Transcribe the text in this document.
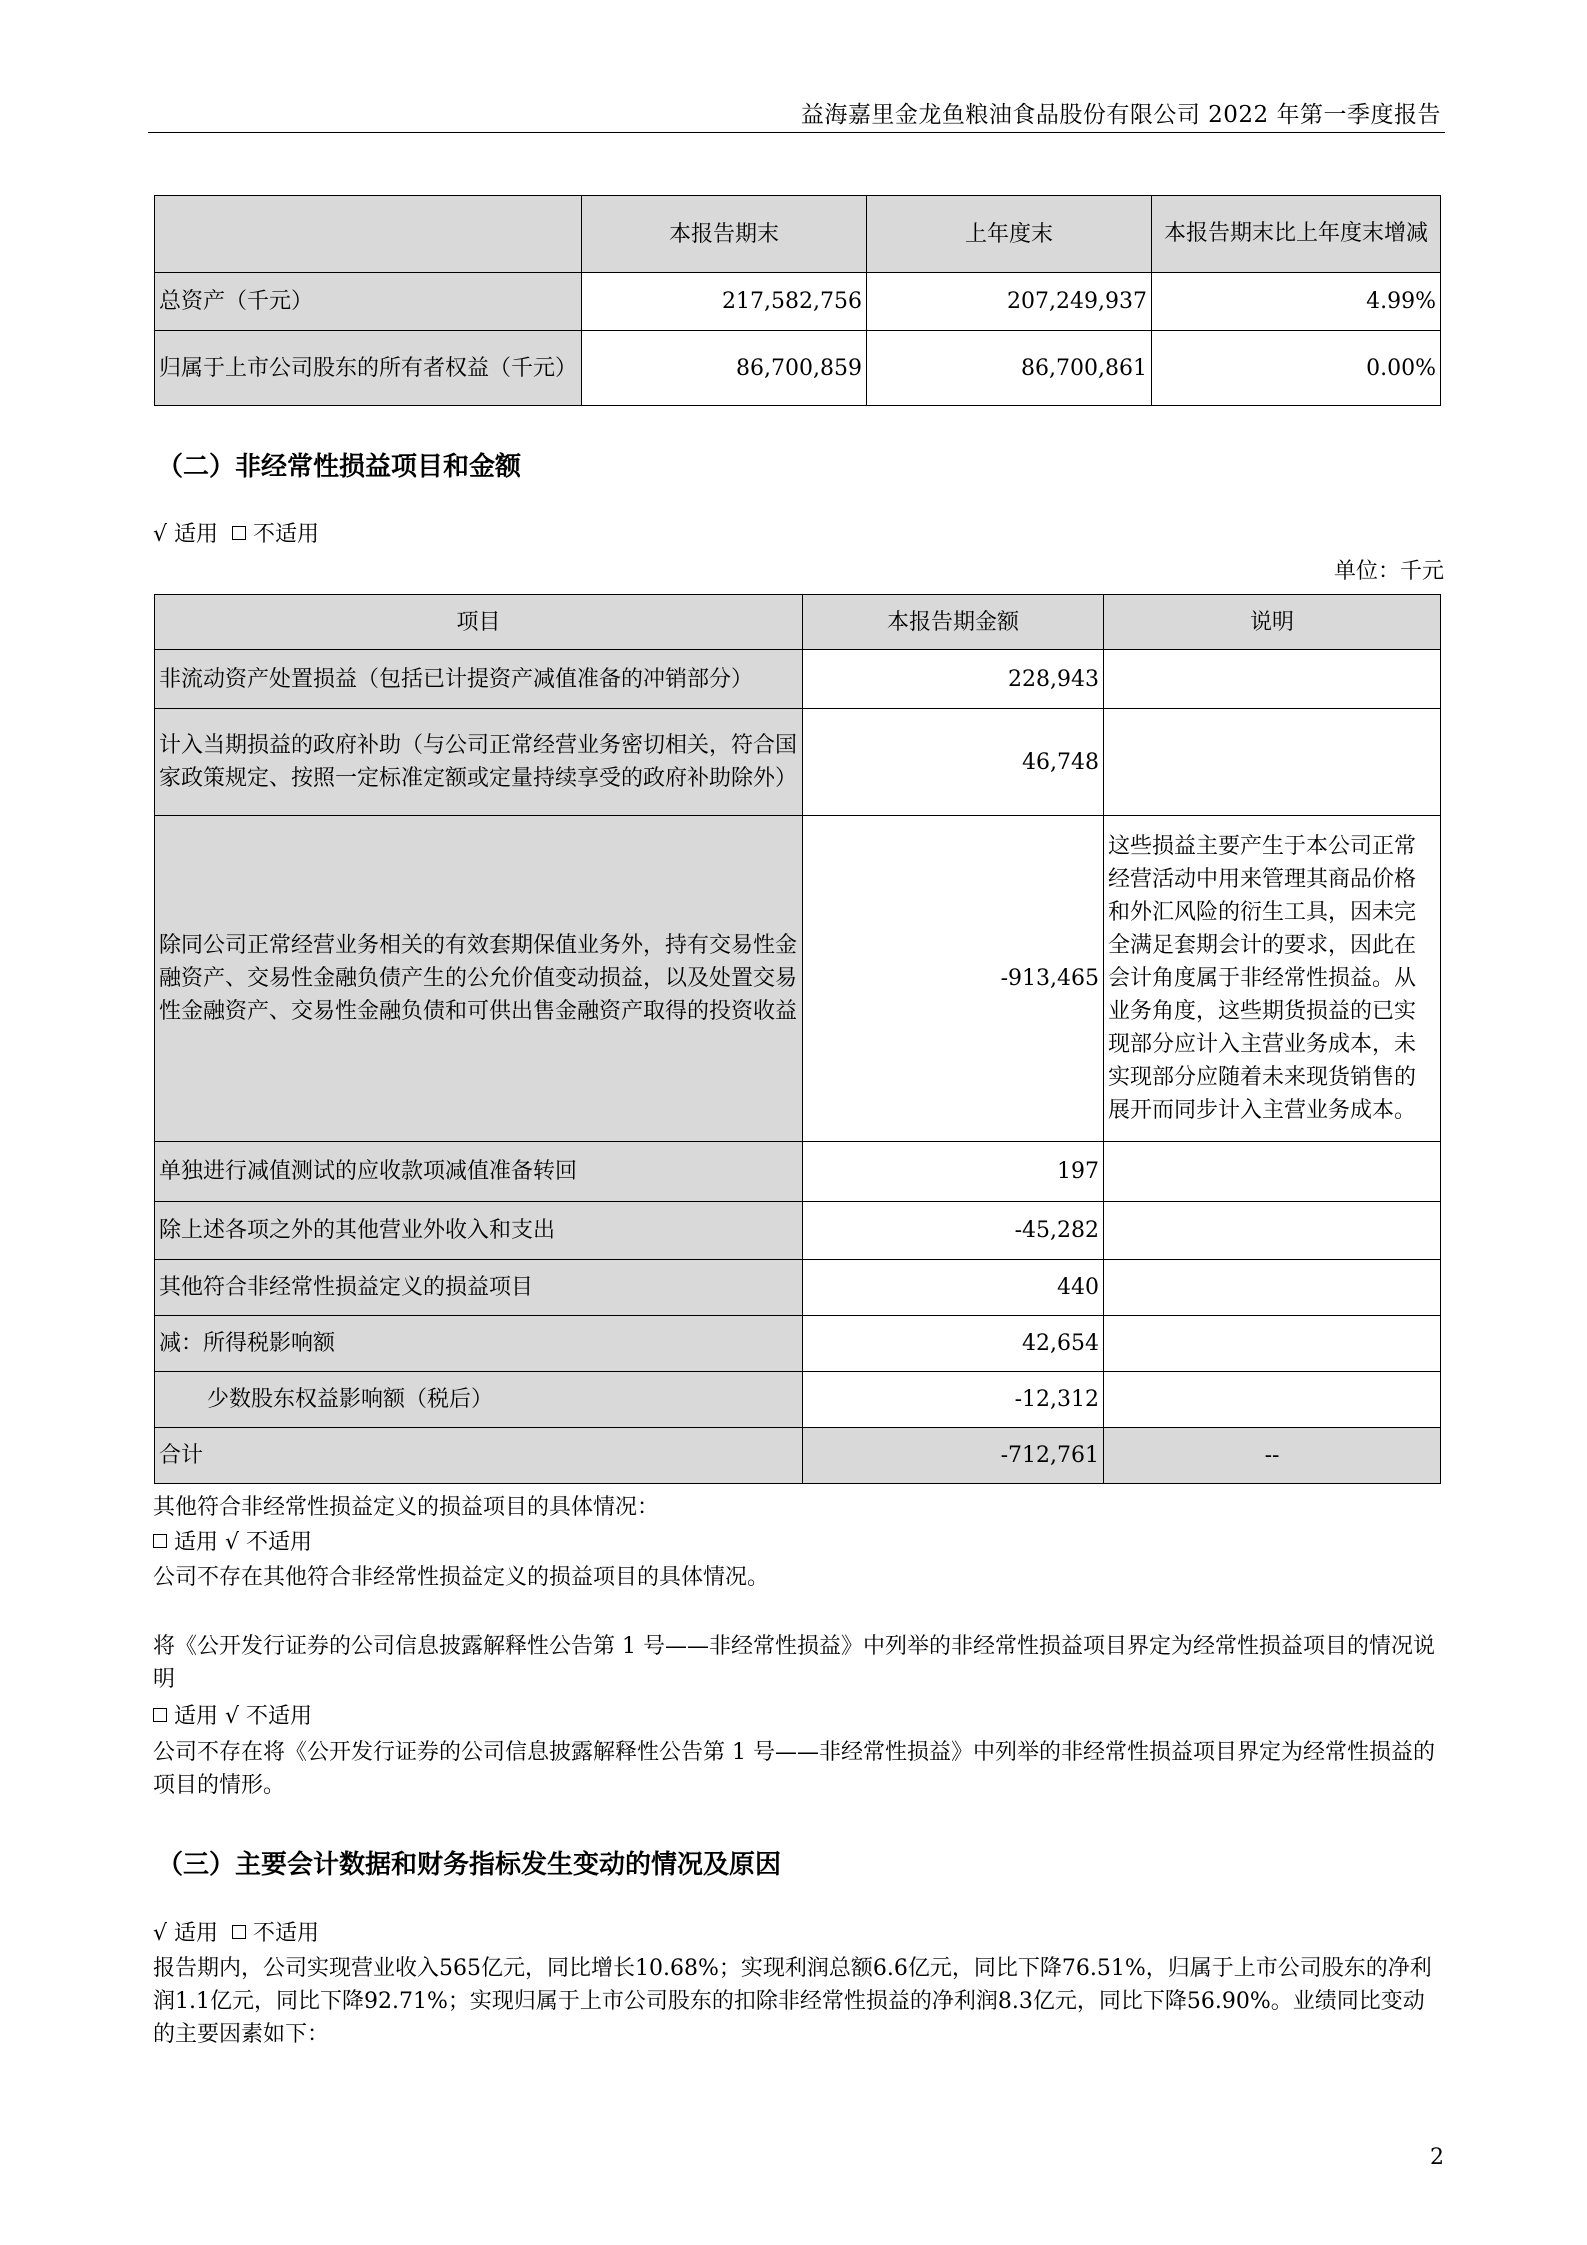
益海嘉里金龙鱼粮油食品股份有限公司 2022 年第一季度报告
	本报告期末	上年度末	本报告期末比上年度末增减
总资产（千元）	217,582,756	207,249,937	4.99%
归属于上市公司股东的所有者权益（千元）	86,700,859	86,700,861	0.00%
（二）非经常性损益项目和金额
√ 适用 不适用
单位：千元
项目	本报告期金额	说明
非流动资产处置损益（包括已计提资产减值准备的冲销部分）	228,943	
计入当期损益的政府补助（与公司正常经营业务密切相关，符合国家政策规定、按照一定标准定额或定量持续享受的政府补助除外）	46,748	
除同公司正常经营业务相关的有效套期保值业务外，持有交易性金融资产、交易性金融负债产生的公允价值变动损益，以及处置交易性金融资产、交易性金融负债和可供出售金融资产取得的投资收益	-913,465	这些损益主要产生于本公司正常经营活动中用来管理其商品价格和外汇风险的衍生工具，因未完全满足套期会计的要求，因此在会计角度属于非经常性损益。从业务角度，这些期货损益的已实现部分应计入主营业务成本，未实现部分应随着未来现货销售的展开而同步计入主营业务成本。
单独进行减值测试的应收款项减值准备转回	197	
除上述各项之外的其他营业外收入和支出	-45,282	
其他符合非经常性损益定义的损益项目	440	
减：所得税影响额	42,654	
少数股东权益影响额（税后）	-12,312	
合计	-712,761	--
其他符合非经常性损益定义的损益项目的具体情况：
适用 √ 不适用
公司不存在其他符合非经常性损益定义的损益项目的具体情况。
将《公开发行证券的公司信息披露解释性公告第 1 号——非经常性损益》中列举的非经常性损益项目界定为经常性损益项目的情况说明
适用 √ 不适用
公司不存在将《公开发行证券的公司信息披露解释性公告第 1 号——非经常性损益》中列举的非经常性损益项目界定为经常性损益的项目的情形。
（三）主要会计数据和财务指标发生变动的情况及原因
√ 适用 不适用
报告期内，公司实现营业收入565亿元，同比增长10.68%；实现利润总额6.6亿元，同比下降76.51%，归属于上市公司股东的净利润1.1亿元，同比下降92.71%；实现归属于上市公司股东的扣除非经常性损益的净利润8.3亿元，同比下降56.90%。业绩同比变动的主要因素如下：
2
